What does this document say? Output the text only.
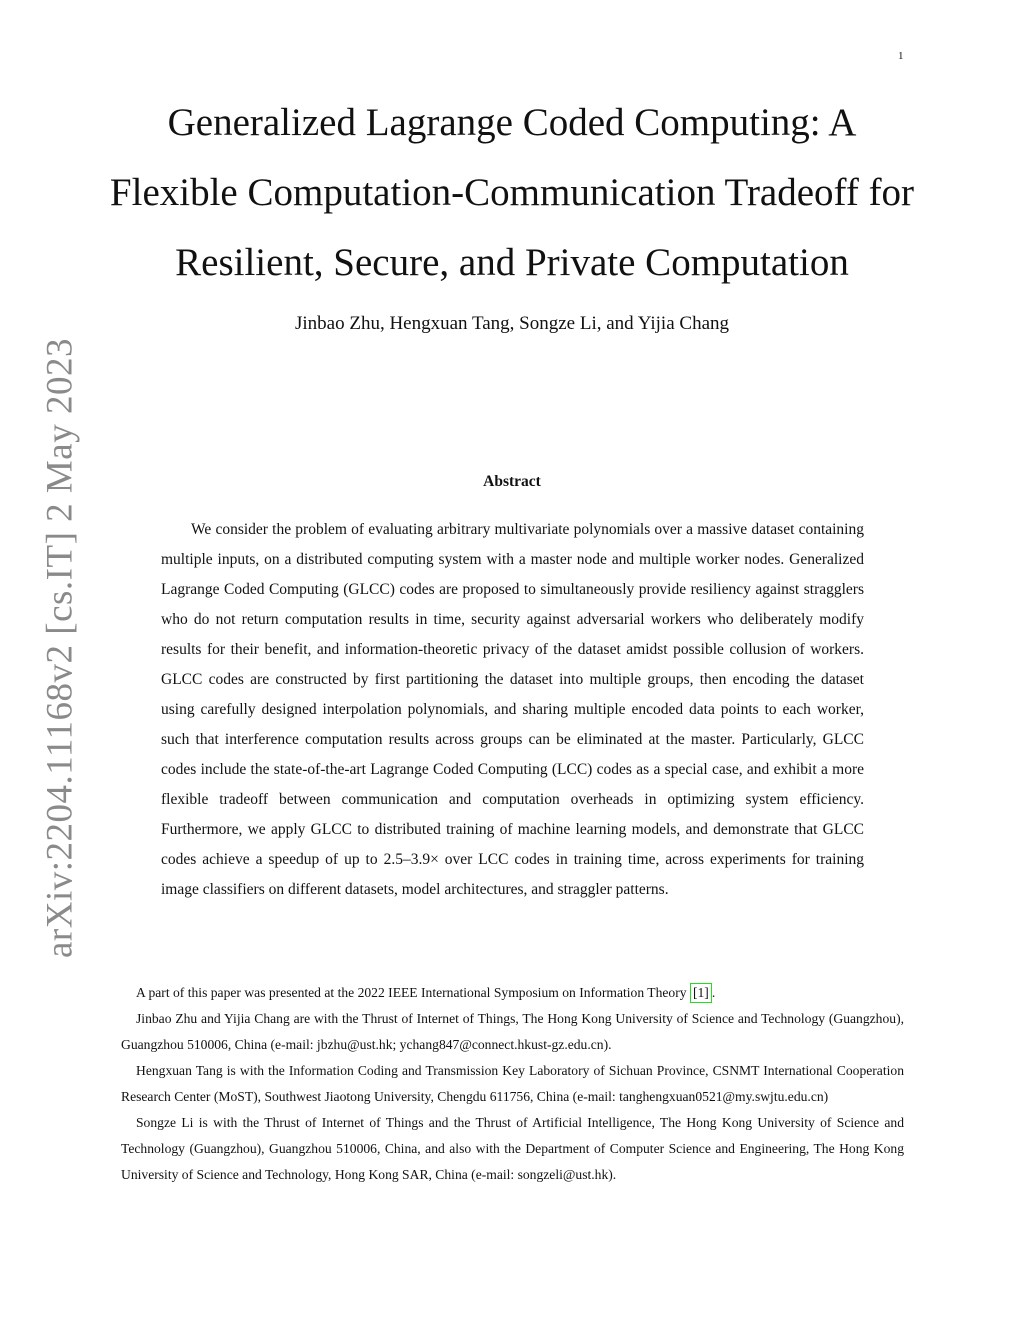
1
arXiv:2204.11168v2 [cs.IT] 2 May 2023
Generalized Lagrange Coded Computing: A Flexible Computation-Communication Tradeoff for Resilient, Secure, and Private Computation

Jinbao Zhu, Hengxuan Tang, Songze Li, and Yijia Chang

Abstract

We consider the problem of evaluating arbitrary multivariate polynomials over a massive dataset containing multiple inputs, on a distributed computing system with a master node and multiple worker nodes. Generalized Lagrange Coded Computing (GLCC) codes are proposed to simultaneously provide resiliency against stragglers who do not return computation results in time, security against adversarial workers who deliberately modify results for their benefit, and information-theoretic privacy of the dataset amidst possible collusion of workers. GLCC codes are constructed by first partitioning the dataset into multiple groups, then encoding the dataset using carefully designed interpolation polynomials, and sharing multiple encoded data points to each worker, such that interference computation results across groups can be eliminated at the master. Particularly, GLCC codes include the state-of-the-art Lagrange Coded Computing (LCC) codes as a special case, and exhibit a more flexible tradeoff between communication and computation overheads in optimizing system efficiency. Furthermore, we apply GLCC to distributed training of machine learning models, and demonstrate that GLCC codes achieve a speedup of up to 2.5–3.9× over LCC codes in training time, across experiments for training image classifiers on different datasets, model architectures, and straggler patterns.

A part of this paper was presented at the 2022 IEEE International Symposium on Information Theory [1] .

Jinbao Zhu and Yijia Chang are with the Thrust of Internet of Things, The Hong Kong University of Science and Technology (Guangzhou), Guangzhou 510006, China (e-mail: jbzhu@ust.hk; ychang847@connect.hkust-gz.edu.cn).

Hengxuan Tang is with the Information Coding and Transmission Key Laboratory of Sichuan Province, CSNMT International Cooperation Research Center (MoST), Southwest Jiaotong University, Chengdu 611756, China (e-mail: tanghengxuan0521@my.swjtu.edu.cn)

Songze Li is with the Thrust of Internet of Things and the Thrust of Artificial Intelligence, The Hong Kong University of Science and Technology (Guangzhou), Guangzhou 510006, China, and also with the Department of Computer Science and Engineering, The Hong Kong University of Science and Technology, Hong Kong SAR, China (e-mail: songzeli@ust.hk).
